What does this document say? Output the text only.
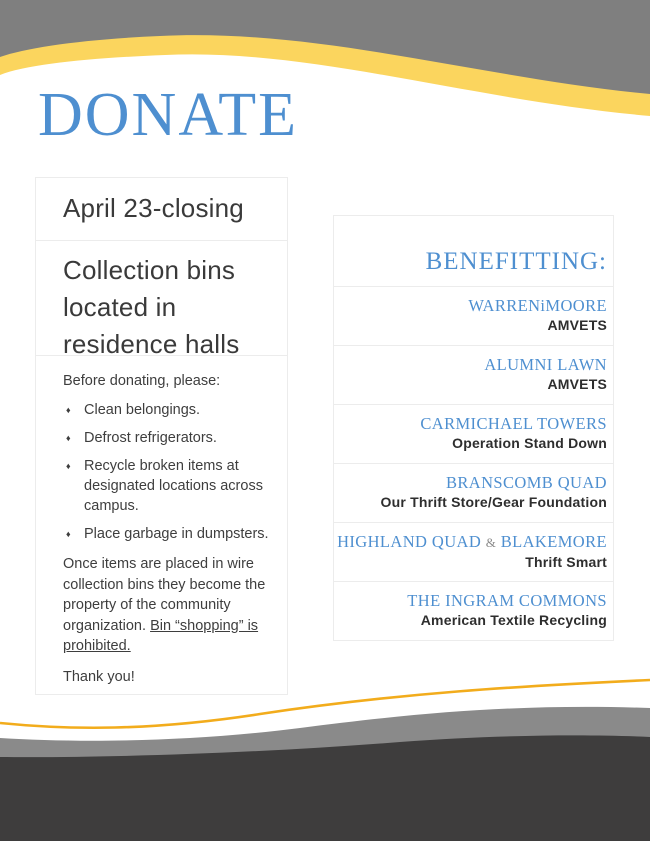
DONATE
April 23-closing
Collection bins located in residence halls

Before donating, please:

♦ Clean belongings.
♦ Defrost refrigerators.
♦ Recycle broken items at designated locations across campus.
♦ Place garbage in dumpsters.

Once items are placed in wire collection bins they become the property of the community organization. Bin “shopping” is prohibited.

Thank you!

BENEFITTING:
WARRENiMOORE
AMVETS
ALUMNI LAWN
AMVETS
CARMICHAEL TOWERS
Operation Stand Down
BRANSCOMB QUAD
Our Thrift Store/Gear Foundation
HIGHLAND QUAD & BLAKEMORE
Thrift Smart
THE INGRAM COMMONS
American Textile Recycling
